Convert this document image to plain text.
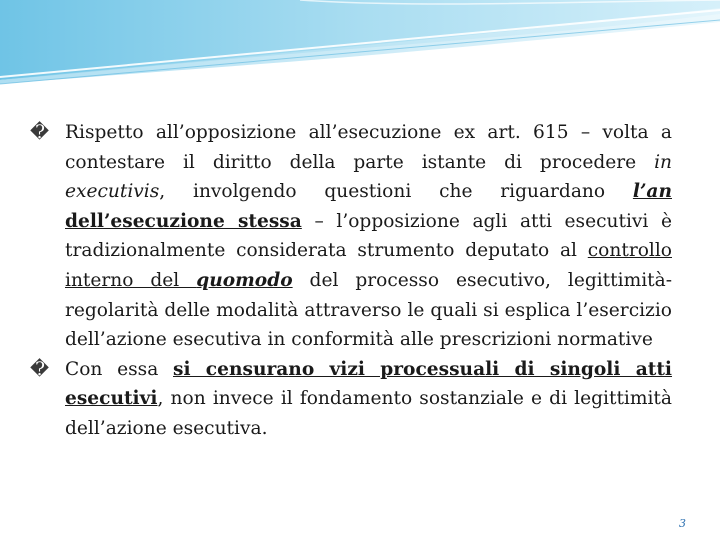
� Rispetto all’opposizione all’esecuzione ex art. 615 – volta a contestare il diritto della parte istante di procedere in executivis, involgendo questioni che riguardano l’an dell’esecuzione stessa – l’opposizione agli atti esecutivi è tradizionalmente considerata strumento deputato al controllo interno del quomodo del processo esecutivo, legittimità-regolarità delle modalità attraverso le quali si esplica l’esercizio dell’azione esecutiva in conformità alle prescrizioni normative

� Con essa si censurano vizi processuali di singoli atti esecutivi, non invece il fondamento sostanziale e di legittimità dell’azione esecutiva.

3
